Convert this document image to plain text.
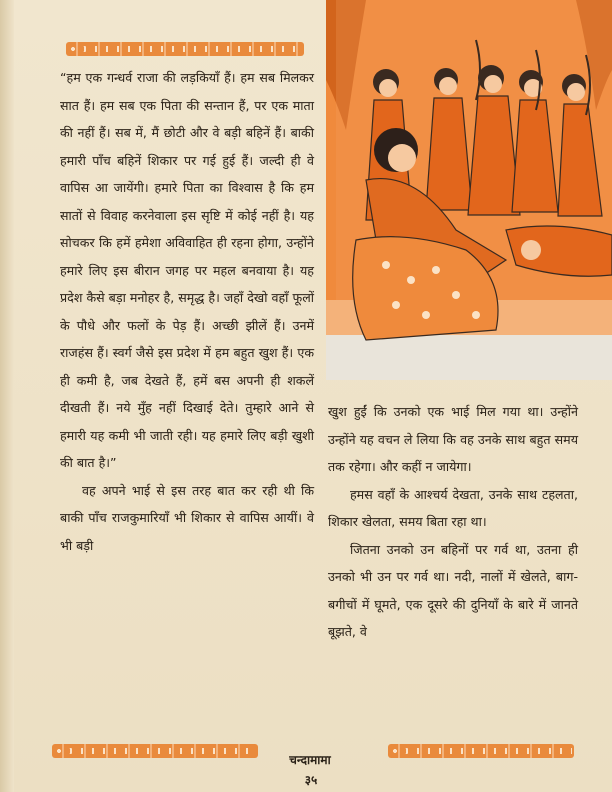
“हम एक गन्धर्व राजा की लड़कियाँ हैं। हम सब मिलकर सात हैं। हम सब एक पिता की सन्तान हैं, पर एक माता की नहीं हैं। सब में, मैं छोटी और वे बड़ी बहिनें हैं। बाकी हमारी पाँच बहिनें शिकार पर गई हुई हैं। जल्दी ही वे वापिस आ जायेंगी। हमारे पिता का विश्वास है कि हम सातों से विवाह करनेवाला इस सृष्टि में कोई नहीं है। यह सोचकर कि हमें हमेशा अविवाहित ही रहना होगा, उन्होंने हमारे लिए इस बीरान जगह पर महल बनवाया है। यह प्रदेश कैसे बड़ा मनोहर है, समृद्ध है। जहाँ देखो वहाँ फूलों के पौधे और फलों के पेड़ हैं। अच्छी झीलें हैं। उनमें राजहंस हैं। स्वर्ग जैसे इस प्रदेश में हम बहुत खुश हैं। एक ही कमी है, जब देखते हैं, हमें बस अपनी ही शकलें दीखती हैं। नये मुँह नहीं दिखाई देते। तुम्हारे आने से हमारी यह कमी भी जाती रही। यह हमारे लिए बड़ी खुशी की बात है।”

वह अपने भाई से इस तरह बात कर रही थी कि बाकी पाँच राजकुमारियाँ भी शिकार से वापिस आयीं। वे भी बड़ी

खुश हुईं कि उनको एक भाई मिल गया था। उन्होंने उन्होंने यह वचन ले लिया कि वह उनके साथ बहुत समय तक रहेगा। और कहीं न जायेगा।

हमस वहाँ के आश्चर्य देखता, उनके साथ टहलता, शिकार खेलता, समय बिता रहा था।

जितना उनको उन बहिनों पर गर्व था, उतना ही उनको भी उन पर गर्व था। नदी, नालों में खेलते, बाग-बगीचों में घूमते, एक दूसरे की दुनियाँ के बारे में जानते बूझते, वे

चन्दामामा
३५
